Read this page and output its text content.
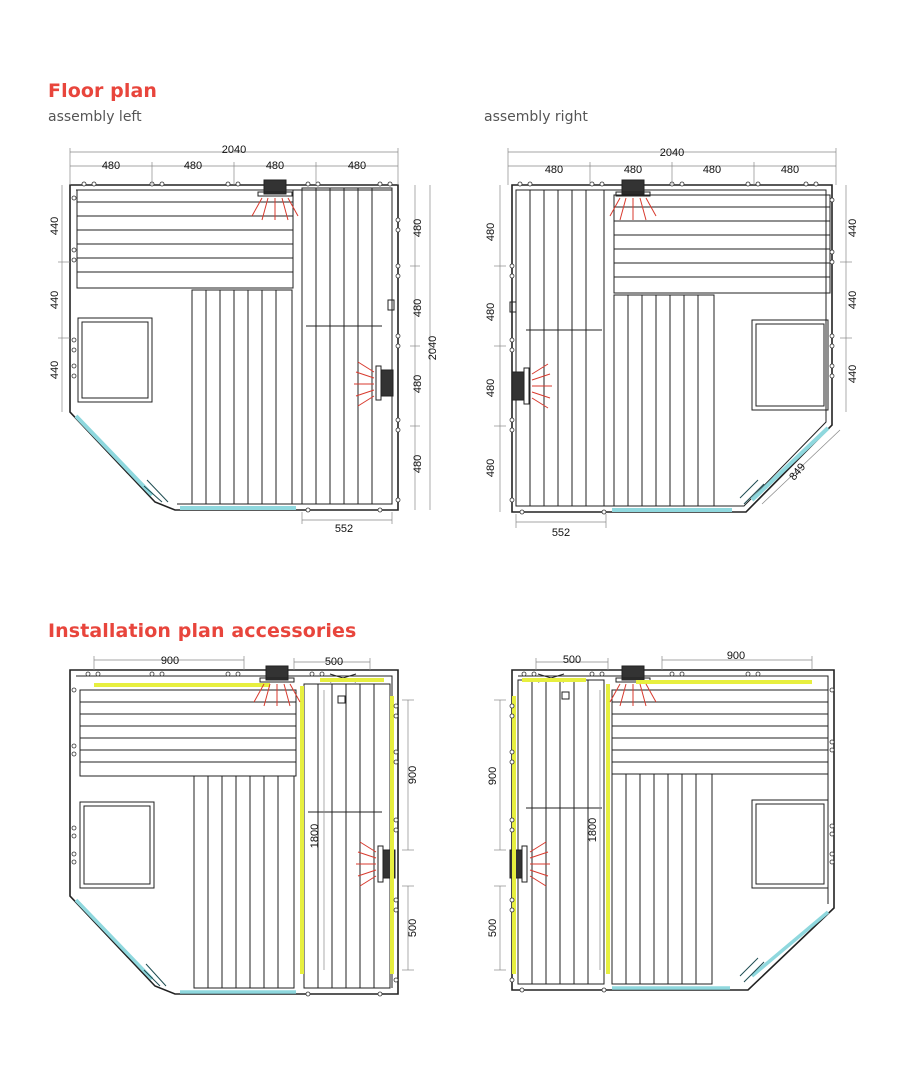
Floor plan

assembly left	assembly right

Installation plan accessories
2040
480	480	480	480
440
440
440
480
480
480
480
2040
552
2040
480	480	480	480
480
480
480
480
440
440
440
552
849
900	500
1800
900
500
500	900
1800
900
500
